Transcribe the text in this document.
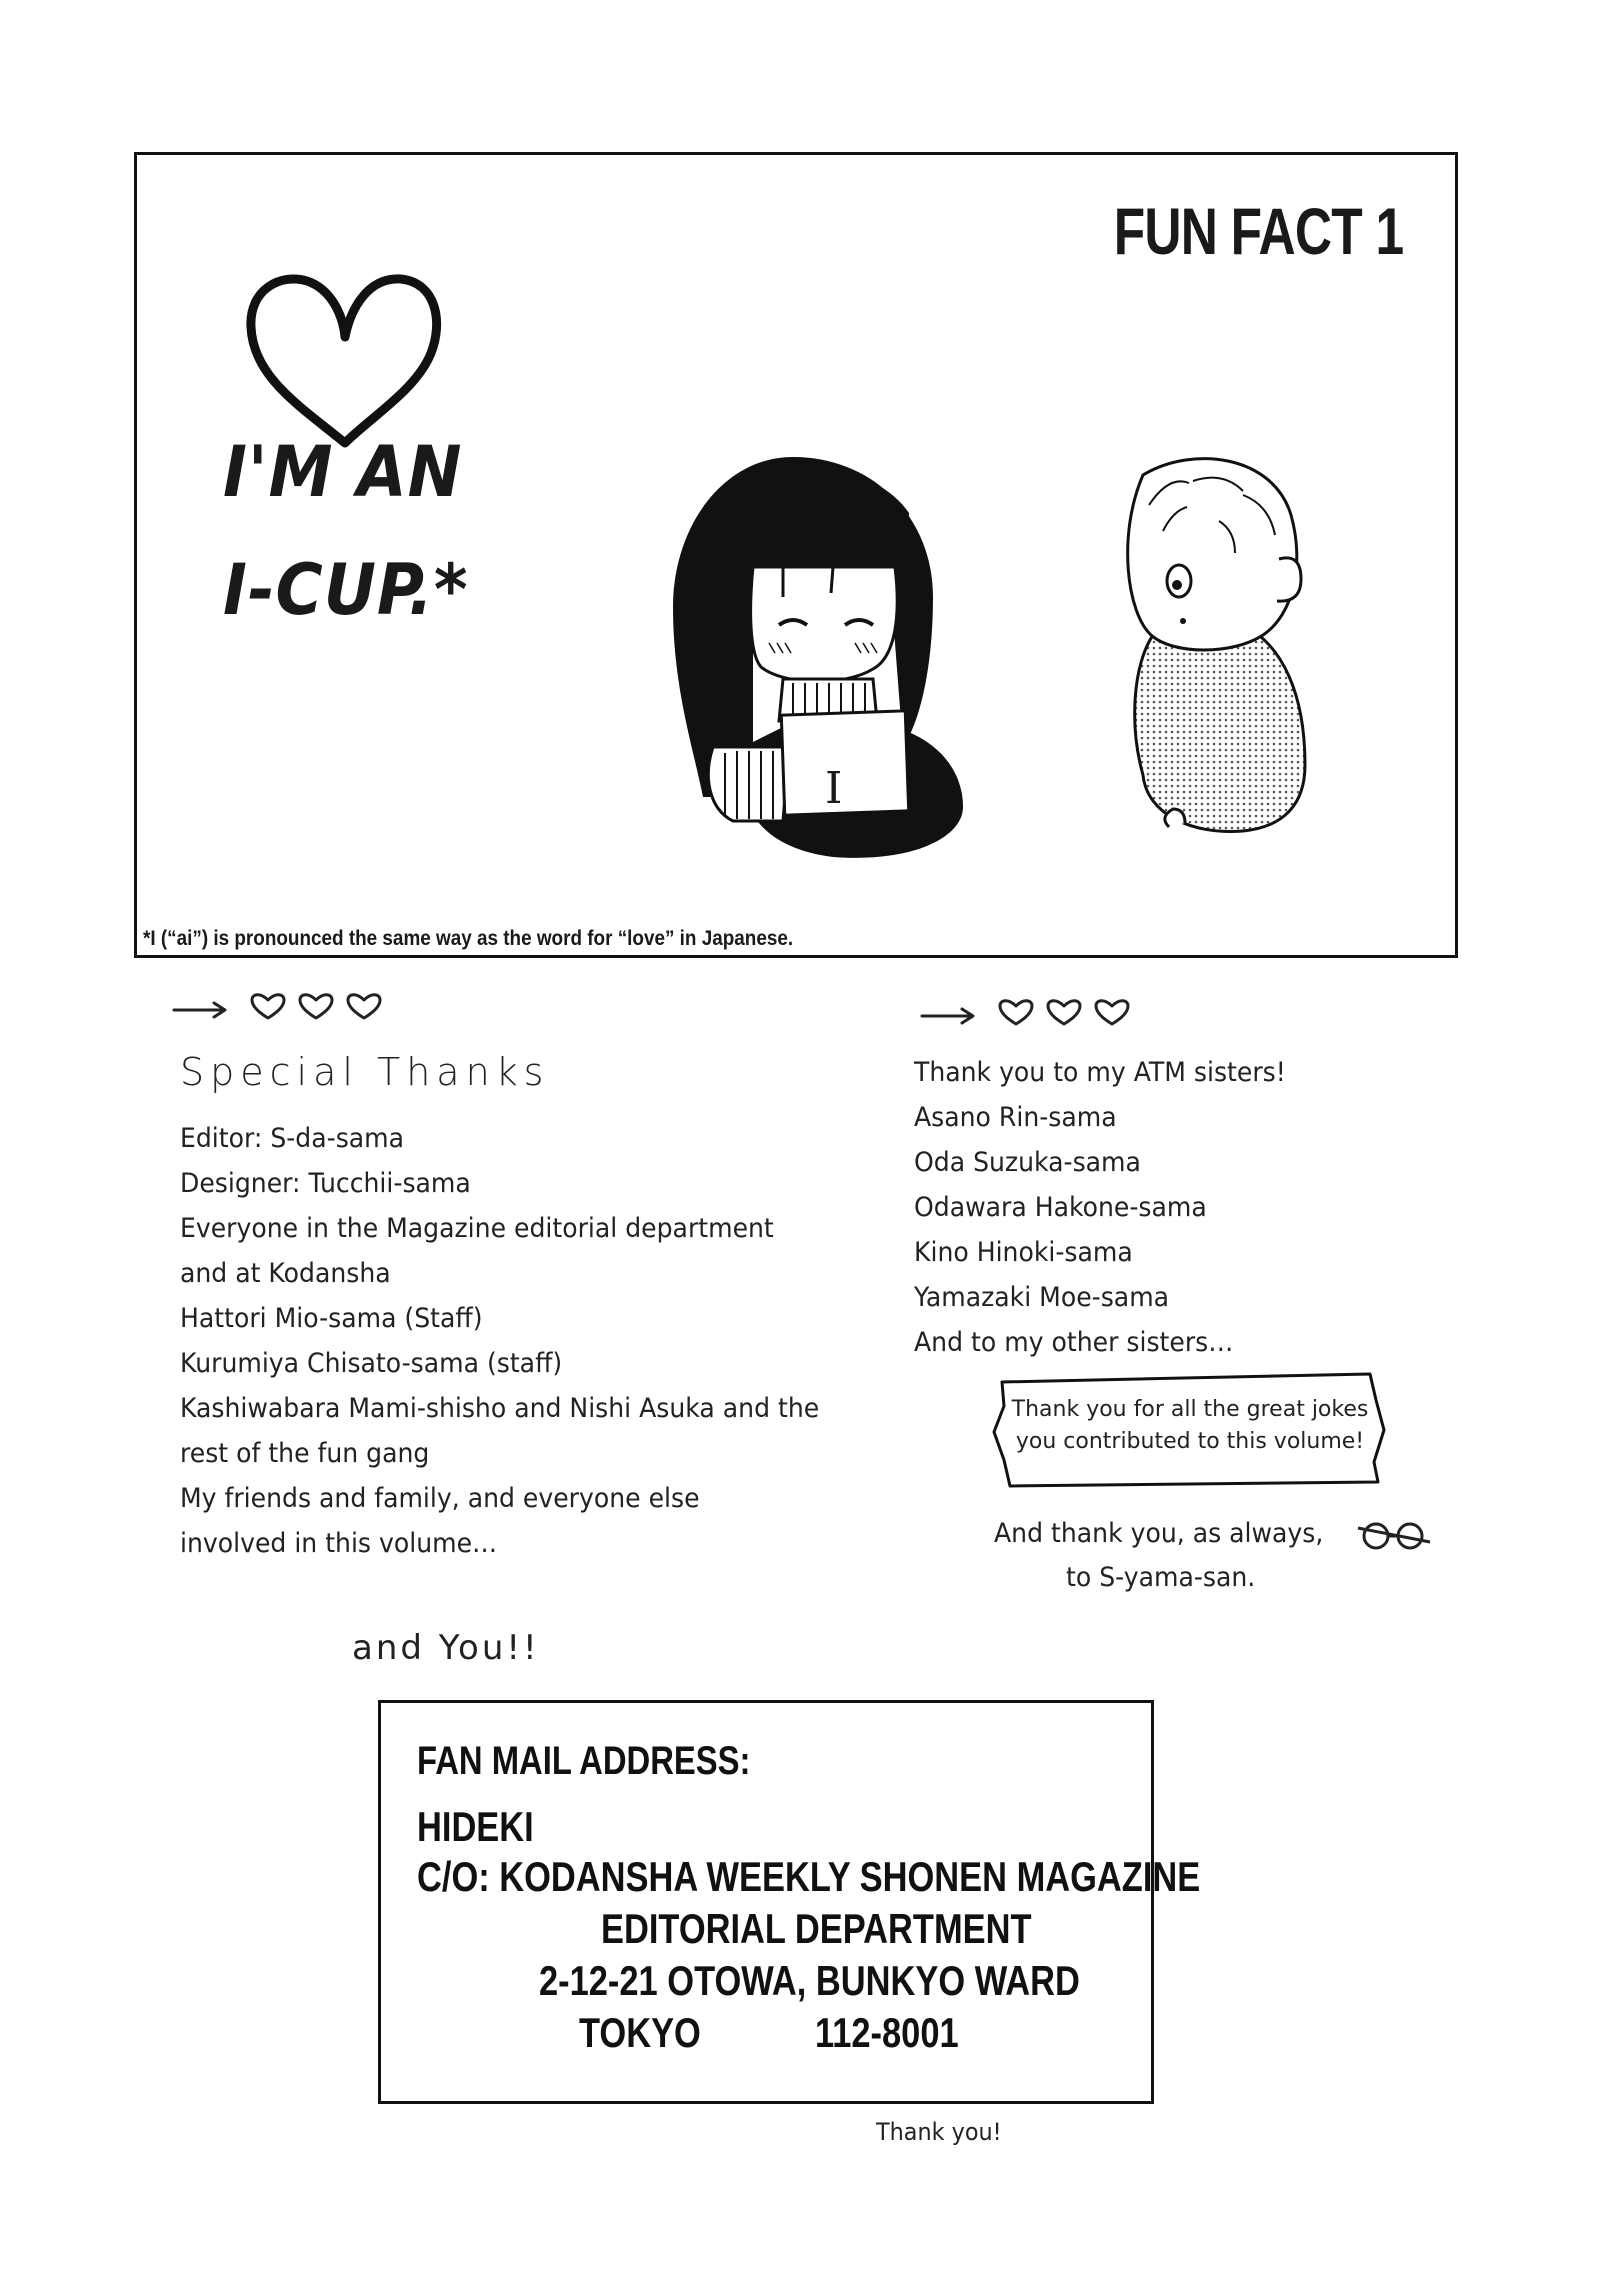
FUN FACT 1
I'M AN
I-CUP.*
I
*I (“ai”) is pronounced the same way as the word for “love” in Japanese.
Special Thanks
Editor: S-da-sama
Designer: Tucchii-sama
Everyone in the Magazine editorial department
and at Kodansha
Hattori Mio-sama (Staff)
Kurumiya Chisato-sama (staff)
Kashiwabara Mami-shisho and Nishi Asuka and the
rest of the fun gang
My friends and family, and everyone else
involved in this volume…
Thank you to my ATM sisters!
Asano Rin-sama
Oda Suzuka-sama
Odawara Hakone-sama
Kino Hinoki-sama
Yamazaki Moe-sama
And to my other sisters…
Thank you for all the great jokes
you contributed to this volume!
And thank you, as always,
to S-yama-san.
and You!!
FAN MAIL ADDRESS:
HIDEKI
C/O: KODANSHA WEEKLY SHONEN MAGAZINE
EDITORIAL DEPARTMENT
2-12-21 OTOWA, BUNKYO WARD
TOKYO	112-8001
Thank you!
